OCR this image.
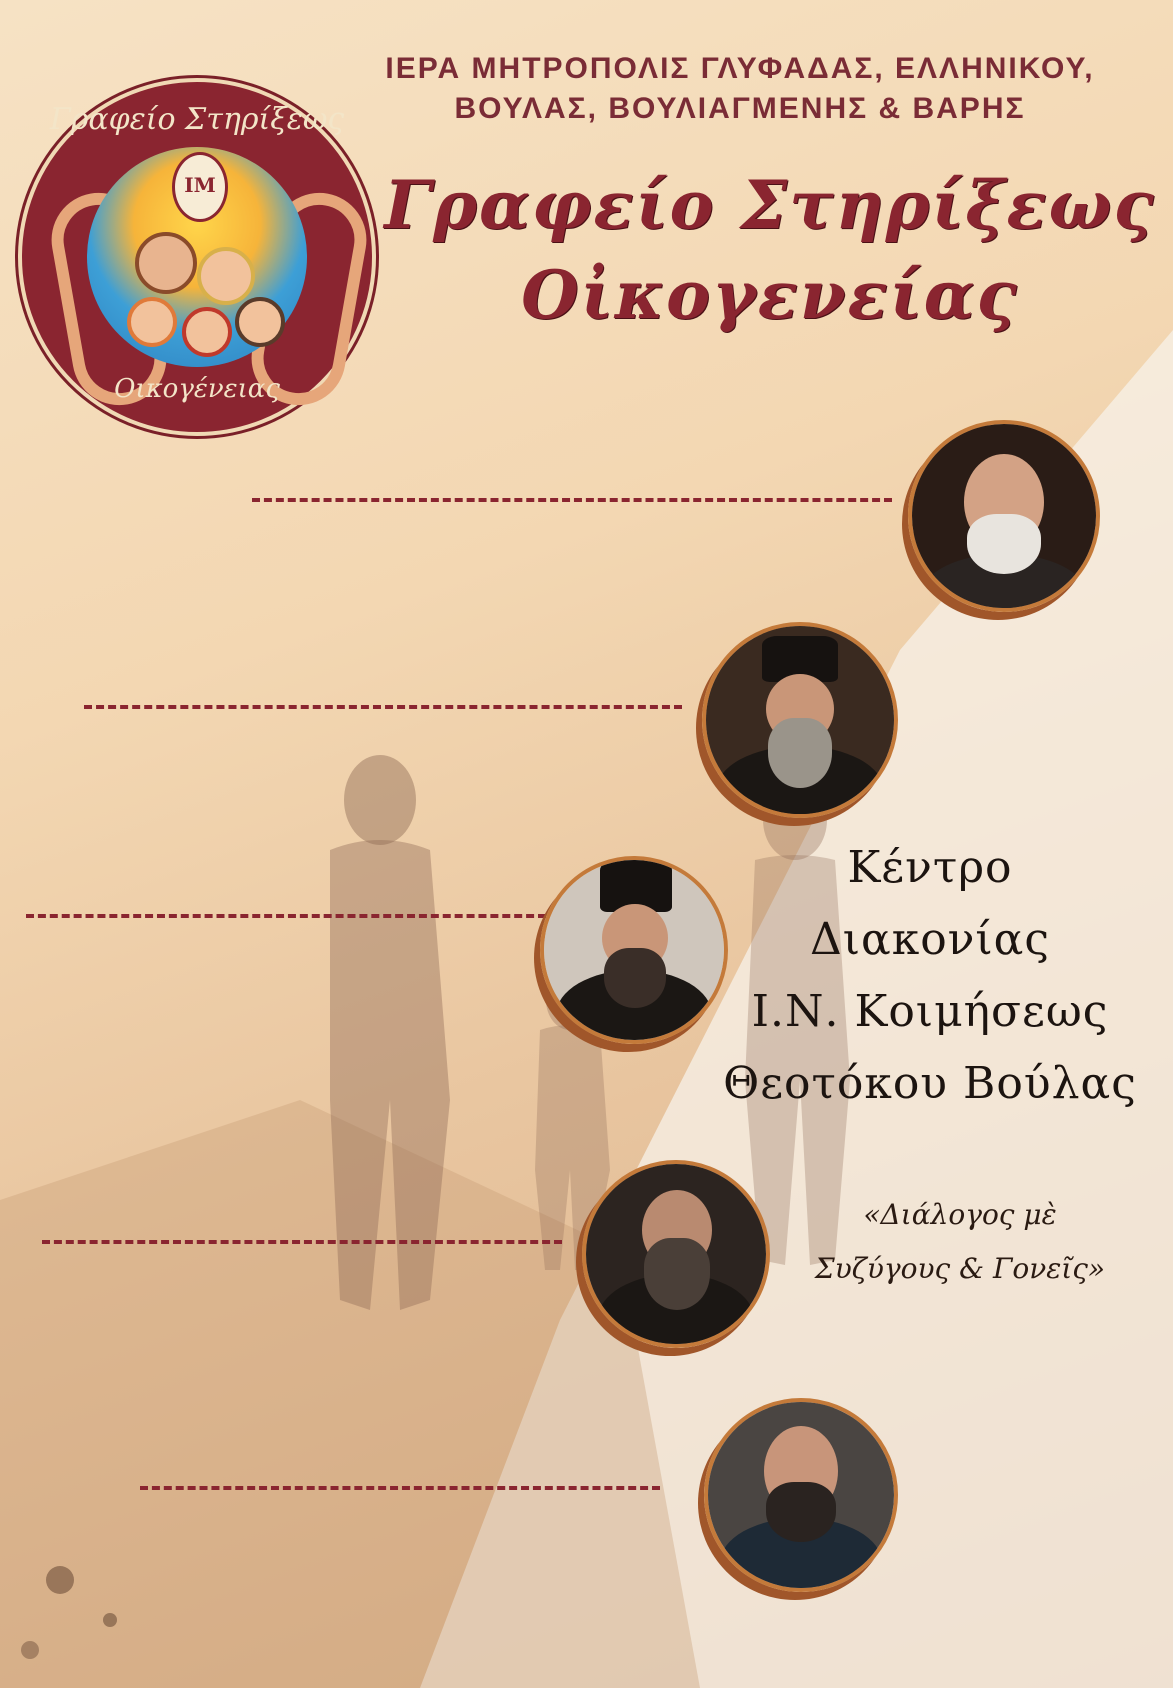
Γραφείο Στηρίξεως
IM
Οικογένειας
ΙΕΡΑ ΜΗΤΡΟΠΟΛΙΣ ΓΛΥΦΑΔΑΣ, ΕΛΛΗΝΙΚΟΥ,
ΒΟΥΛΑΣ, ΒΟΥΛΙΑΓΜΕΝΗΣ & ΒΑΡΗΣ
Γραφείο Στηρίξεως
Οἰκογενείας
Κέντρο
Διακονίας
Ι.Ν. Κοιμήσεως
Θεοτόκου Βούλας
«Διάλογος μὲ
Συζύγους & Γονεῖς»
